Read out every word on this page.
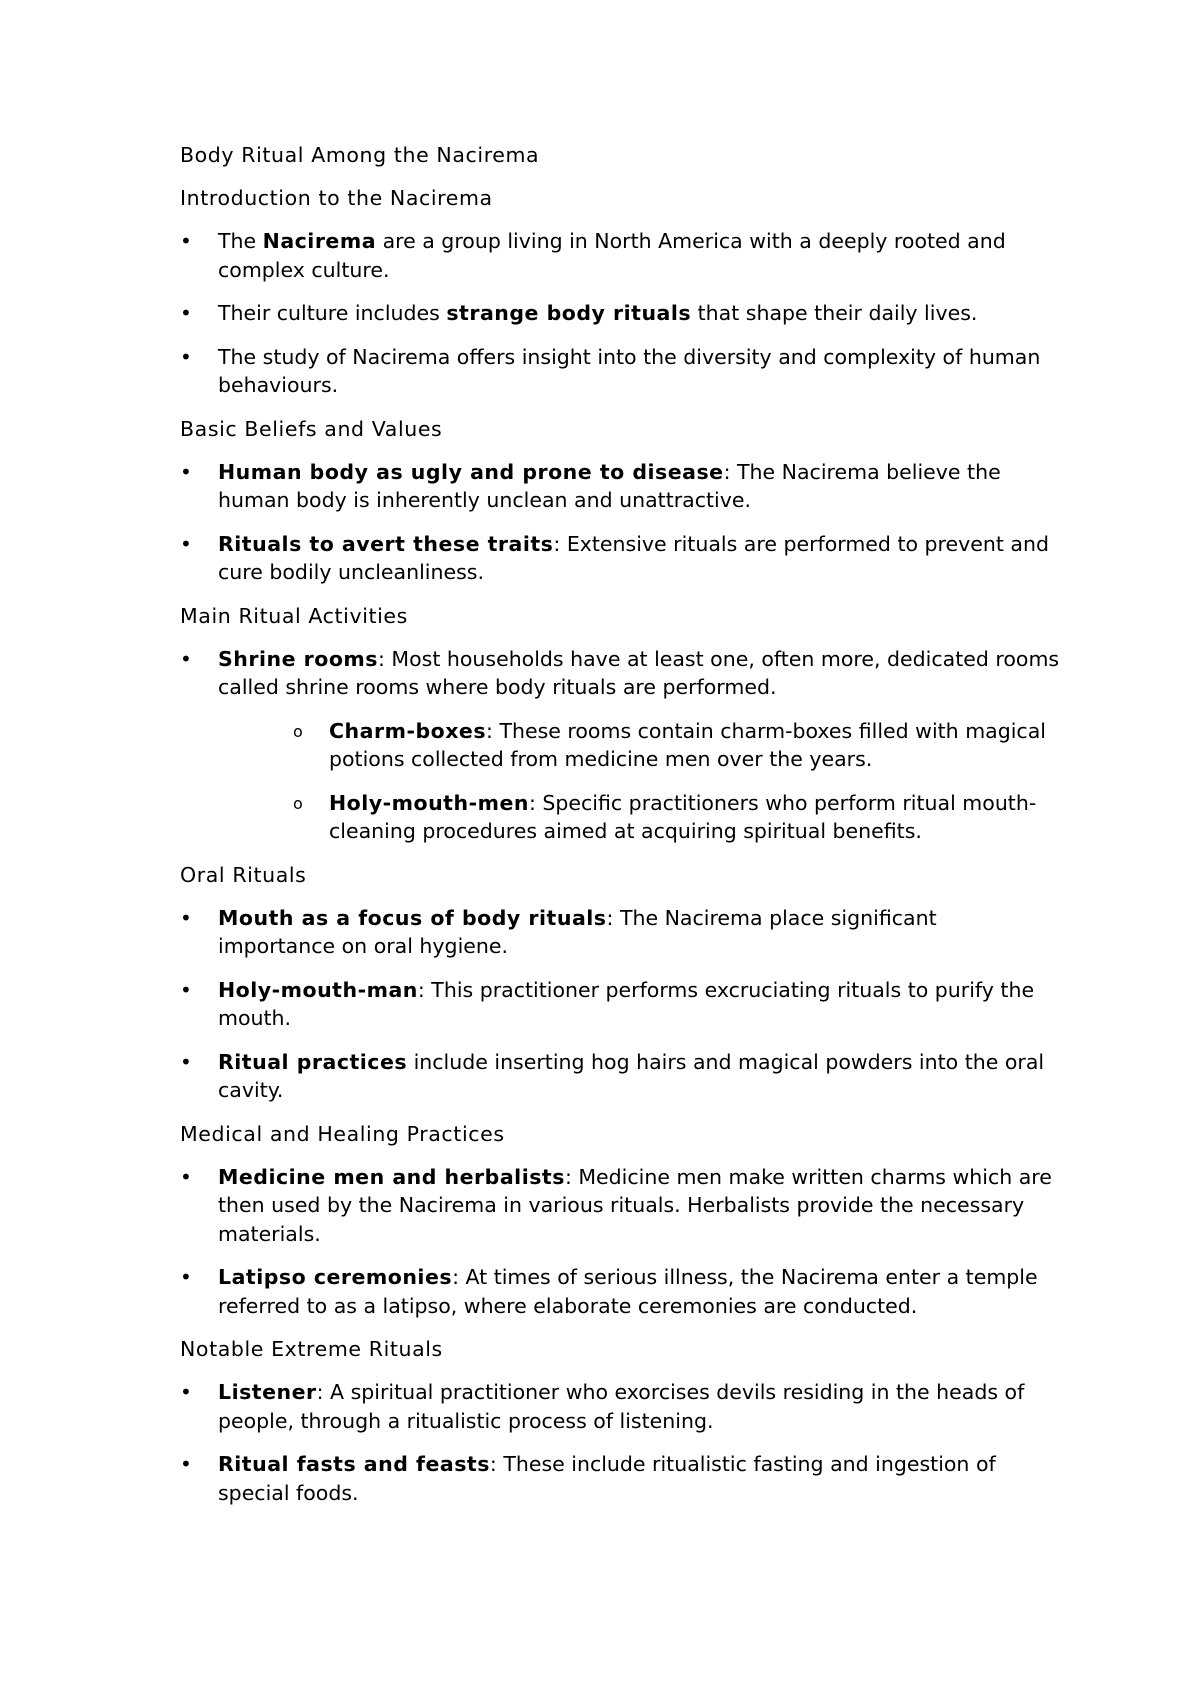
Body Ritual Among the Nacirema
Introduction to the Nacirema
•	The Nacirema are a group living in North America with a deeply rooted and complex culture.
•	Their culture includes strange body rituals that shape their daily lives.
•	The study of Nacirema offers insight into the diversity and complexity of human behaviours.
Basic Beliefs and Values
•	Human body as ugly and prone to disease: The Nacirema believe the human body is inherently unclean and unattractive.
•	Rituals to avert these traits: Extensive rituals are performed to prevent and cure bodily uncleanliness.
Main Ritual Activities
•	Shrine rooms: Most households have at least one, often more, dedicated rooms called shrine rooms where body rituals are performed.
o Charm-boxes: These rooms contain charm-boxes filled with magical potions collected from medicine men over the years.
o Holy-mouth-men: Specific practitioners who perform ritual mouth-cleaning procedures aimed at acquiring spiritual benefits.
Oral Rituals
•	Mouth as a focus of body rituals: The Nacirema place significant importance on oral hygiene.
•	Holy-mouth-man: This practitioner performs excruciating rituals to purify the mouth.
•	Ritual practices include inserting hog hairs and magical powders into the oral cavity.
Medical and Healing Practices
•	Medicine men and herbalists: Medicine men make written charms which are then used by the Nacirema in various rituals. Herbalists provide the necessary materials.
•	Latipso ceremonies: At times of serious illness, the Nacirema enter a temple referred to as a latipso, where elaborate ceremonies are conducted.
Notable Extreme Rituals
•	Listener: A spiritual practitioner who exorcises devils residing in the heads of people, through a ritualistic process of listening.
•	Ritual fasts and feasts: These include ritualistic fasting and ingestion of special foods.
